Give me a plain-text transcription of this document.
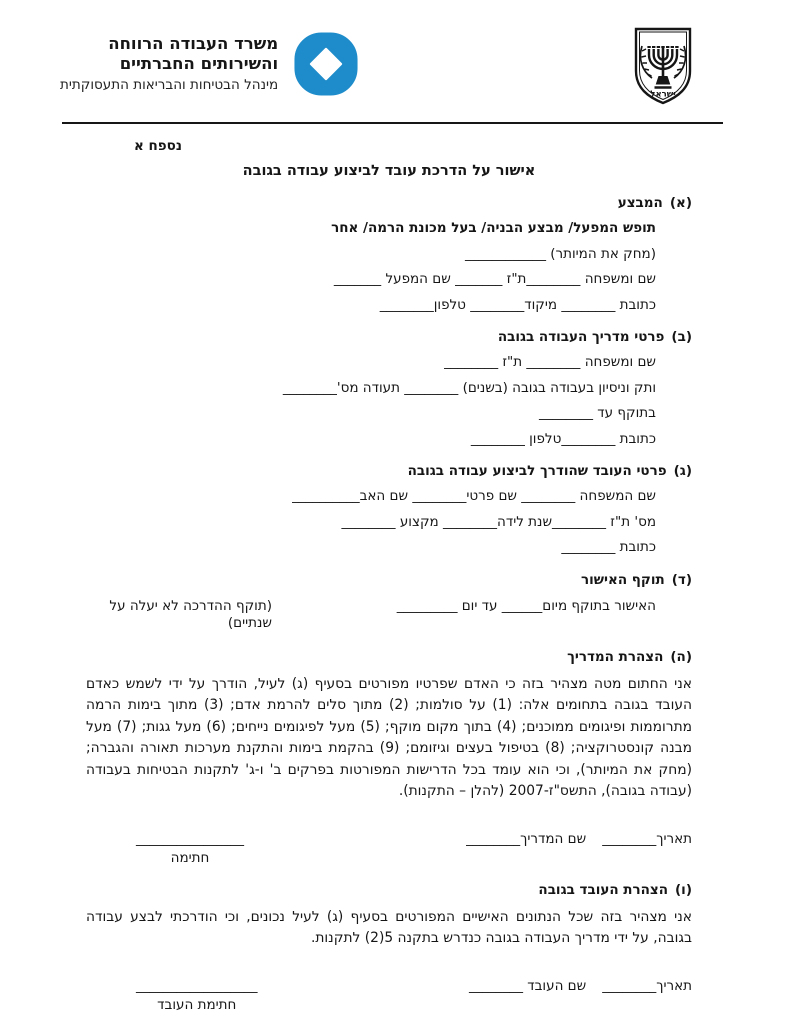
ישראל
משרד העבודה הרווחה
והשירותים החברתיים
מינהל הבטיחות והבריאות התעסוקתית
נספח א
אישור על הדרכת עובד לביצוע עבודה בגובה
(א)המבצע
תופש המפעל/ מבצע הבניה/ בעל מכונת הרמה/ אחר
(מחק את המיותר) ____________
שם ומשפחה ________ת"ז _______ שם המפעל _______
כתובת ________ מיקוד________ טלפון________
(ב)פרטי מדריך העבודה בגובה
שם ומשפחה ________ ת"ז ________
ותק וניסיון בעבודה בגובה (בשנים) ________ תעודה מס'________
בתוקף עד ________
כתובת ________טלפון ________
(ג)פרטי העובד שהודרך לביצוע עבודה בגובה
שם המשפחה ________ שם פרטי________ שם האב__________
מס' ת"ז ________שנת לידה________ מקצוע ________
כתובת ________
(ד)תוקף האישור
האישור בתוקף מיום______ עד יום _________
(תוקף ההדרכה לא יעלה על שנתיים)
(ה)הצהרת המדריך
אני החתום מטה מצהיר בזה כי האדם שפרטיו מפורטים בסעיף (ג) לעיל, הודרך על ידי לשמש כאדם העובד בגובה בתחומים אלה: (1) על סולמות; (2) מתוך סלים להרמת אדם; (3) מתוך בימות הרמה מתרוממות ופיגומים ממוכנים; (4) בתוך מקום מוקף; (5) מעל לפיגומים נייחים; (6) מעל גגות; (7) מעל מבנה קונסטרוקציה; (8) בטיפול בעצים וגיזומם; (9) בהקמת בימות והתקנת מערכות תאורה והגברה; (מחק את המיותר), וכי הוא עומד בכל הדרישות המפורטות בפרקים ב' ו-ג' לתקנות הבטיחות בעבודה (עבודה בגובה), התשס"ז-2007 (להלן – התקנות).
תאריך________
שם המדריך________
________________
חתימה
(ו)הצהרת העובד בגובה
אני מצהיר בזה שכל הנתונים האישיים המפורטים בסעיף (ג) לעיל נכונים, וכי הודרכתי לבצע עבודה בגובה, על ידי מדריך העבודה בגובה כנדרש בתקנה 5(2) לתקנות.
תאריך________
שם העובד ________
__________________
חתימת העובד
